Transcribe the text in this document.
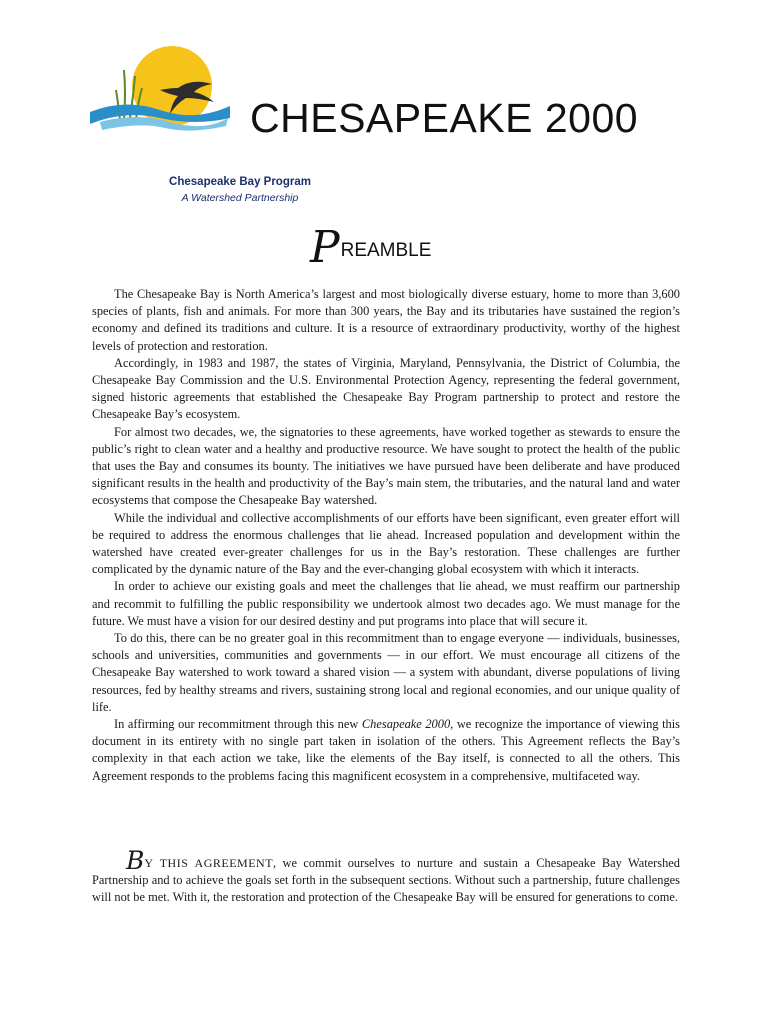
Chesapeake Bay Program
A Watershed Partnership
CHESAPEAKE 2000
PREAMBLE

The Chesapeake Bay is North America’s largest and most biologically diverse estuary, home to more than 3,600 species of plants, fish and animals. For more than 300 years, the Bay and its tributaries have sustained the region’s economy and defined its traditions and culture. It is a resource of extraordinary productivity, worthy of the highest levels of protection and restoration.

Accordingly, in 1983 and 1987, the states of Virginia, Maryland, Pennsylvania, the District of Columbia, the Chesapeake Bay Commission and the U.S. Environmental Protection Agency, representing the federal government, signed historic agreements that established the Chesapeake Bay Program partnership to protect and restore the Chesapeake Bay’s ecosystem.

For almost two decades, we, the signatories to these agreements, have worked together as stewards to ensure the public’s right to clean water and a healthy and productive resource. We have sought to protect the health of the public that uses the Bay and consumes its bounty. The initiatives we have pursued have been deliberate and have produced significant results in the health and productivity of the Bay’s main stem, the tributaries, and the natural land and water ecosystems that compose the Chesapeake Bay watershed.

While the individual and collective accomplishments of our efforts have been significant, even greater effort will be required to address the enormous challenges that lie ahead. Increased population and development within the watershed have created ever-greater challenges for us in the Bay’s restoration. These challenges are further complicated by the dynamic nature of the Bay and the ever-changing global ecosystem with which it interacts.

In order to achieve our existing goals and meet the challenges that lie ahead, we must reaffirm our partnership and recommit to fulfilling the public responsibility we undertook almost two decades ago. We must manage for the future. We must have a vision for our desired destiny and put programs into place that will secure it.

To do this, there can be no greater goal in this recommitment than to engage everyone — individuals, businesses, schools and universities, communities and governments — in our effort. We must encourage all citizens of the Chesapeake Bay watershed to work toward a shared vision — a system with abundant, diverse populations of living resources, fed by healthy streams and rivers, sustaining strong local and regional economies, and our unique quality of life.

In affirming our recommitment through this new Chesapeake 2000, we recognize the importance of viewing this document in its entirety with no single part taken in isolation of the others. This Agreement reflects the Bay’s complexity in that each action we take, like the elements of the Bay itself, is connected to all the others. This Agreement responds to the problems facing this magnificent ecosystem in a comprehensive, multifaceted way.

BY THIS AGREEMENT, we commit ourselves to nurture and sustain a Chesapeake Bay Watershed Partnership and to achieve the goals set forth in the subsequent sections. Without such a partnership, future challenges will not be met. With it, the restoration and protection of the Chesapeake Bay will be ensured for generations to come.
